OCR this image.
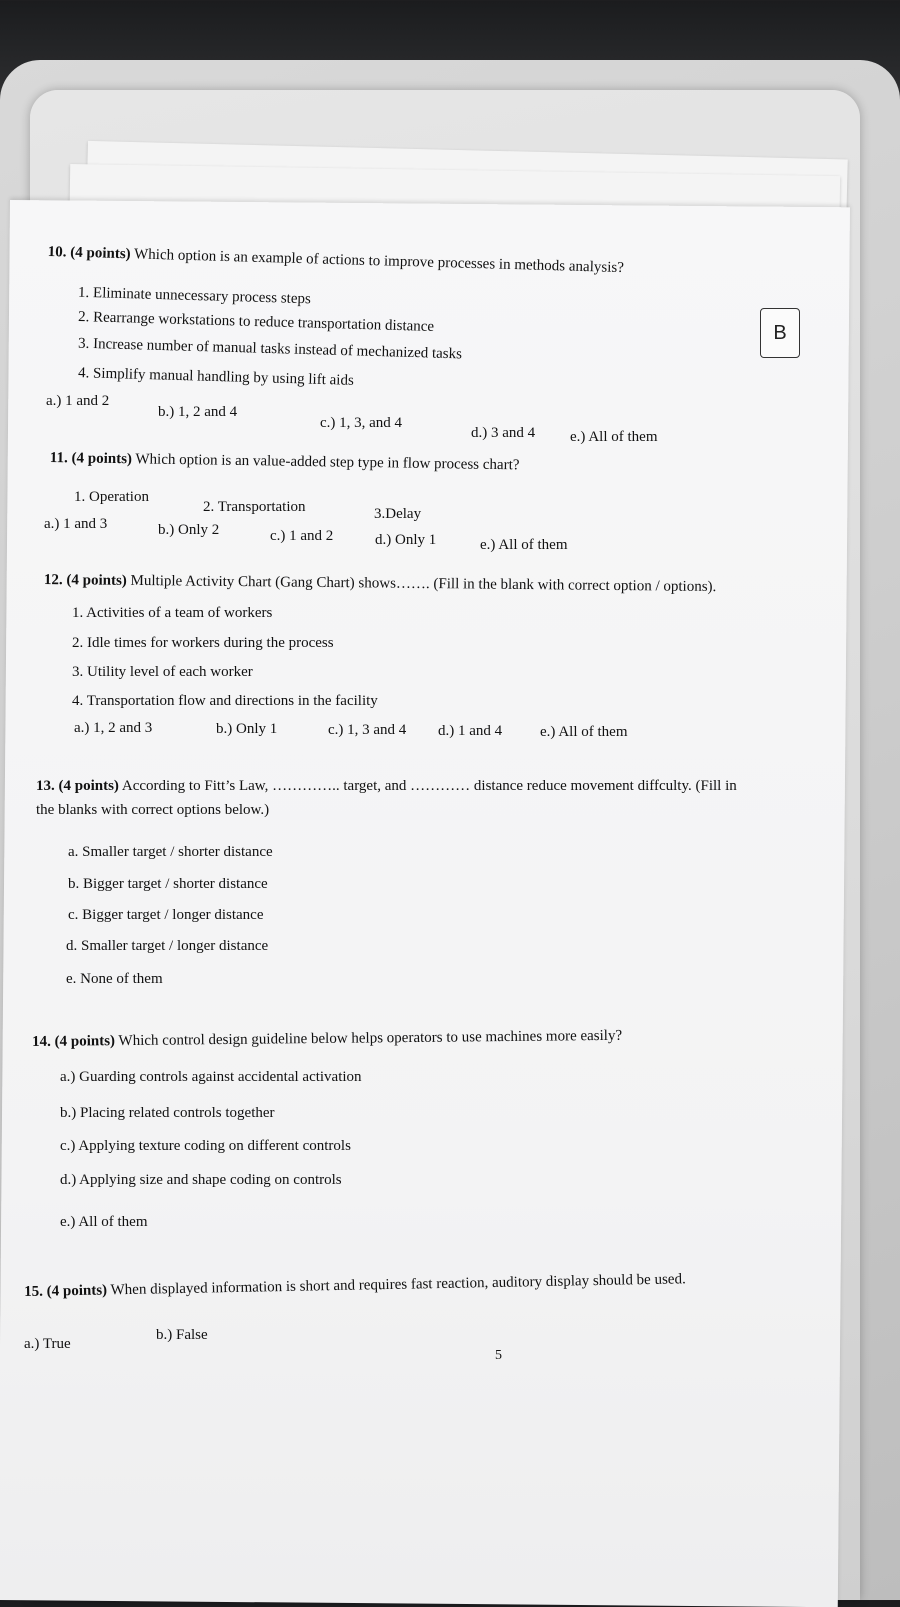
B
10. (4 points) Which option is an example of actions to improve processes in methods analysis?
1. Eliminate unnecessary process steps
2. Rearrange workstations to reduce transportation distance
3. Increase number of manual tasks instead of mechanized tasks
4. Simplify manual handling by using lift aids
a.) 1 and 2
b.) 1, 2 and 4
c.) 1, 3, and 4
d.) 3 and 4 e.) All of them
11. (4 points) Which option is an value-added step type in flow process chart?
1. Operation
2. Transportation	3.Delay
a.) 1 and 3	b.) Only 2	c.) 1 and 2	d.) Only 1	e.) All of them
12. (4 points) Multiple Activity Chart (Gang Chart) shows……. (Fill in the blank with correct option / options).
1. Activities of a team of workers
2. Idle times for workers during the process
3. Utility level of each worker
4. Transportation flow and directions in the facility
a.) 1, 2 and 3	b.) Only 1	c.) 1, 3 and 4 d.) 1 and 4	e.) All of them
13. (4 points) According to Fitt’s Law, ………….. target, and ………… distance reduce movement diffculty. (Fill in
the blanks with correct options below.)
a. Smaller target / shorter distance
b. Bigger target / shorter distance
c. Bigger target / longer distance
d. Smaller target / longer distance
e. None of them
14. (4 points) Which control design guideline below helps operators to use machines more easily?
a.) Guarding controls against accidental activation
b.) Placing related controls together
c.) Applying texture coding on different controls
d.) Applying size and shape coding on controls
e.) All of them
15. (4 points) When displayed information is short and requires fast reaction, auditory display should be used.
a.) True
b.) False
5
